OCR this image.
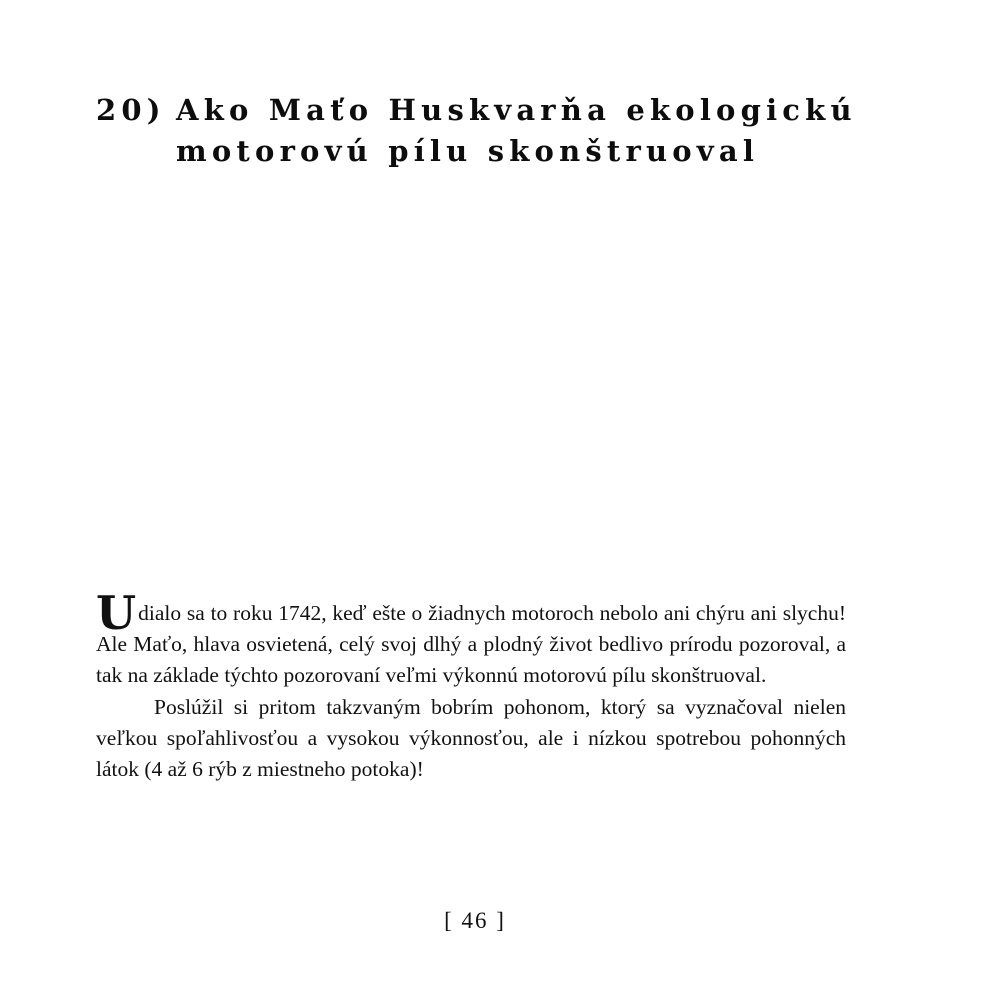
20) Ako Maťo Huskvarňa ekologickú
motorovú pílu skonštruoval

Udialo sa to roku 1742, keď ešte o žiadnych motoroch nebolo ani chýru ani slychu! Ale Maťo, hlava osvietená, celý svoj dlhý a plodný život bedlivo prírodu pozoroval, a tak na základe týchto pozorovaní veľmi výkonnú motorovú pílu skonštruoval.

Poslúžil si pritom takzvaným bobrím pohonom, ktorý sa vyznačoval nielen veľkou spoľahlivosťou a vysokou výkonnosťou, ale i nízkou spotrebou pohonných látok (4 až 6 rýb z miestneho potoka)!

[ 46 ]
